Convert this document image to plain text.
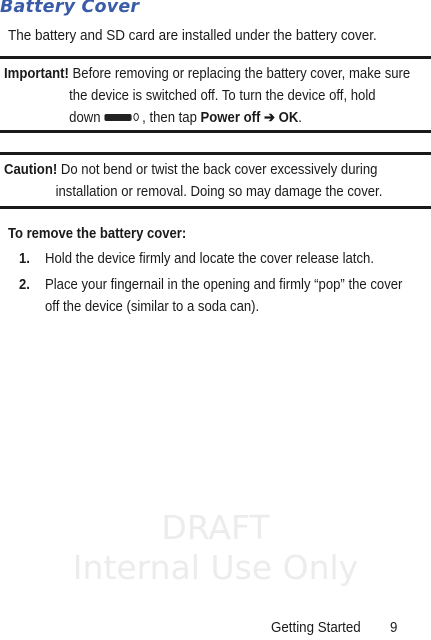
Battery Cover
The battery and SD card are installed under the battery cover.
Important! Before removing or replacing the battery cover, make sure
the device is switched off. To turn the device off, hold
down	, then tap Power off ➔ OK.
Caution! Do not bend or twist the back cover excessively during
installation or removal. Doing so may damage the cover.
To remove the battery cover:
1. Hold the device firmly and locate the cover release latch.
2. Place your fingernail in the opening and firmly “pop” the cover
off the device (similar to a soda can).
DRAFT
Internal Use Only
Getting Started 9
